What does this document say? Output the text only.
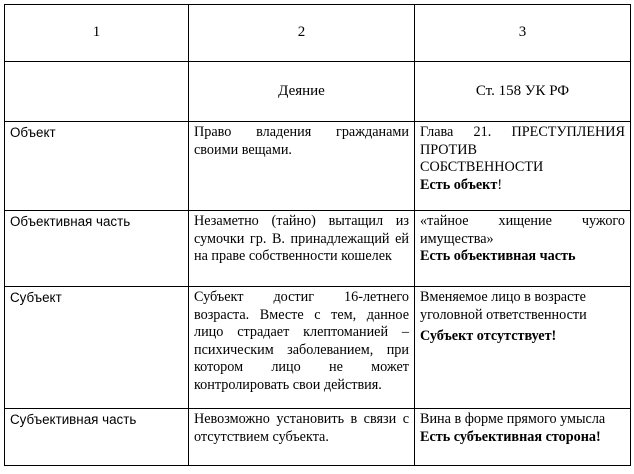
1	2	3
	Деяние	Ст. 158 УК РФ
Объект	Право владения гражданами своими вещами.	Глава 21. ПРЕСТУПЛЕНИЯ
ПРОТИВ
СОБСТВЕННОСТИ
Есть объект!
Объективная часть	Незаметно (тайно) вытащил из сумочки гр. В. принадлежащий ей на праве собственности кошелек	«тайное хищение чужого имущества»
Есть объективная часть

Субъект	Субъект достиг 16-летнего возраста. Вместе с тем, данное лицо страдает клептоманией – психическим заболеванием, при котором лицо не может контролировать свои действия.	Вменяемое лицо в возрасте уголовной ответственности
Субъект отсутствует!

Субъективная часть	Невозможно установить в связи с отсутствием субъекта.	Вина в форме прямого умысла
Есть субъективная сторона!
